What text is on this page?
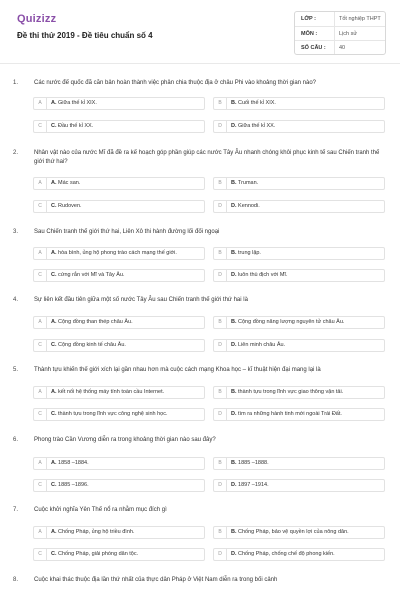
Quizizz
Đề thi thử 2019 - Đề tiêu chuẩn số 4
LỚP :	Tốt nghiệp THPT
MÔN :	Lịch sử
SỐ CÂU : 40
1.	Các nước đế quốc đã căn bản hoàn thành việc phân chia thuộc địa ở châu Phi vào khoảng thời gian nào?
A	A. Giữa thế kỉ XIX.	B	B. Cuối thế kỉ XIX.
C	C. Đầu thế kỉ XX.	D	D. Giữa thế kỉ XX.
2.	Nhân vật nào của nước Mĩ đã đề ra kế hoạch góp phần giúp các nước Tây Âu nhanh chóng khôi phục kinh tế sau Chiến tranh thế giới thứ hai?
A	A. Mác san.	B	B. Truman.
C	C. Rudoven.	D	D. Kennodi.
3.	Sau Chiến tranh thế giới thứ hai, Liên Xô thi hành đường lối đối ngoại
A	A. hòa bình, ủng hộ phong trào cách mạng thế giới.	B	B. trung lập.
C	C. cứng rắn với Mĩ và Tây Âu.	D	D. luôn thù địch với Mĩ.
4.	Sự liên kết đầu tiên giữa một số nước Tây Âu sau Chiến tranh thế giới thứ hai là
A	A. Cộng đồng than thép châu Âu.	B	B. Cộng đồng năng lượng nguyên tử châu Âu.
C	C. Cộng đồng kinh tế châu Âu.	D	D. Liên minh châu Âu.
5.	Thành tựu khiến thế giới xích lại gần nhau hơn mà cuộc cách mạng Khoa học – kĩ thuật hiện đại mang lại là
A	A. kết nối hệ thống máy tính toàn cầu Internet.	B	B. thành tựu trong lĩnh vực giao thông vận tải.
C	C. thành tựu trong lĩnh vực công nghệ sinh học.	D	D. tìm ra những hành tinh mới ngoài Trái Đất.
6.	Phong trào Cần Vương diễn ra trong khoảng thời gian nào sau đây?
A	A. 1858 –1884.	B	B. 1885 –1888.
C	C. 1885 –1896.	D	D. 1897 –1914.
7.	Cuộc khởi nghĩa Yên Thế nổ ra nhằm mục đích gì
A	A. Chống Pháp, ủng hộ triều đình.	B	B. Chống Pháp, bảo vệ quyền lợi của nông dân.
C	C. Chống Pháp, giải phóng dân tộc.	D	D. Chống Pháp, chống chế độ phong kiến.
8.	Cuộc khai thác thuộc địa lần thứ nhất của thực dân Pháp ở Việt Nam diễn ra trong bối cảnh
